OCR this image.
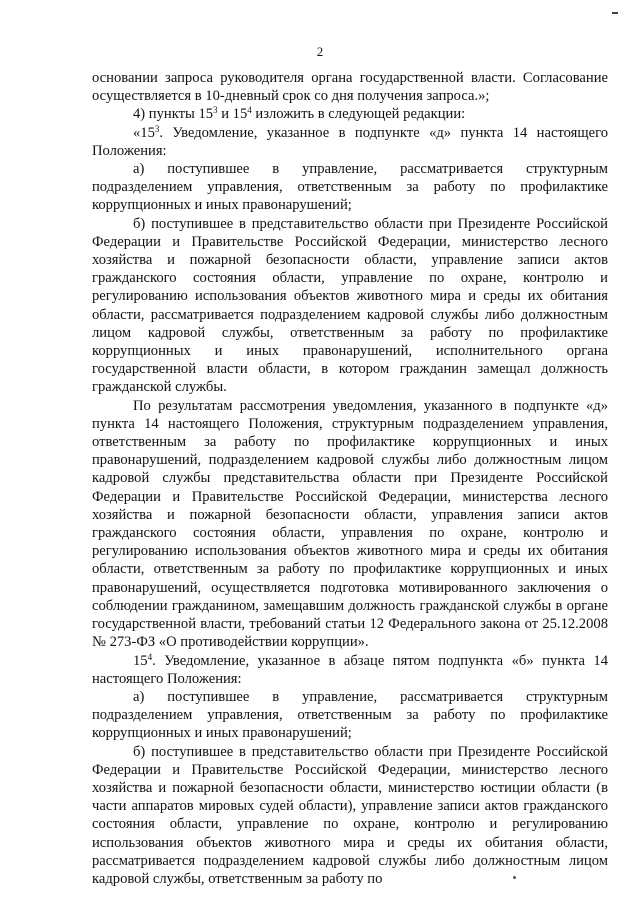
2

основании запроса руководителя органа государственной власти. Согласование осуществляется в 10-дневный срок со дня получения запроса.»;

4) пункты $15^3$ и $15^4$ изложить в следующей редакции:

«$15^3$. Уведомление, указанное в подпункте «д» пункта 14 настоящего Положения:

а) поступившее в управление, рассматривается структурным подразделением управления, ответственным за работу по профилактике коррупционных и иных правонарушений;

б) поступившее в представительство области при Президенте Российской Федерации и Правительстве Российской Федерации, министерство лесного хозяйства и пожарной безопасности области, управление записи актов гражданского состояния области, управление по охране, контролю и регулированию использования объектов животного мира и среды их обитания области, рассматривается подразделением кадровой службы либо должностным лицом кадровой службы, ответственным за работу по профилактике коррупционных и иных правонарушений, исполнительного органа государственной власти области, в котором гражданин замещал должность гражданской службы.

По результатам рассмотрения уведомления, указанного в подпункте «д» пункта 14 настоящего Положения, структурным подразделением управления, ответственным за работу по профилактике коррупционных и иных правонарушений, подразделением кадровой службы либо должностным лицом кадровой службы представительства области при Президенте Российской Федерации и Правительстве Российской Федерации, министерства лесного хозяйства и пожарной безопасности области, управления записи актов гражданского состояния области, управления по охране, контролю и регулированию использования объектов животного мира и среды их обитания области, ответственным за работу по профилактике коррупционных и иных правонарушений, осуществляется подготовка мотивированного заключения о соблюдении гражданином, замещавшим должность гражданской службы в органе государственной власти, требований статьи 12 Федерального закона от 25.12.2008 № 273-ФЗ «О противодействии коррупции».

$15^4$. Уведомление, указанное в абзаце пятом подпункта «б» пункта 14 настоящего Положения:

а) поступившее в управление, рассматривается структурным подразделением управления, ответственным за работу по профилактике коррупционных и иных правонарушений;

б) поступившее в представительство области при Президенте Российской Федерации и Правительстве Российской Федерации, министерство лесного хозяйства и пожарной безопасности области, министерство юстиции области (в части аппаратов мировых судей области), управление записи актов гражданского состояния области, управление по охране, контролю и регулированию использования объектов животного мира и среды их обитания области, рассматривается подразделением кадровой службы либо должностным лицом кадровой службы, ответственным за работу по
